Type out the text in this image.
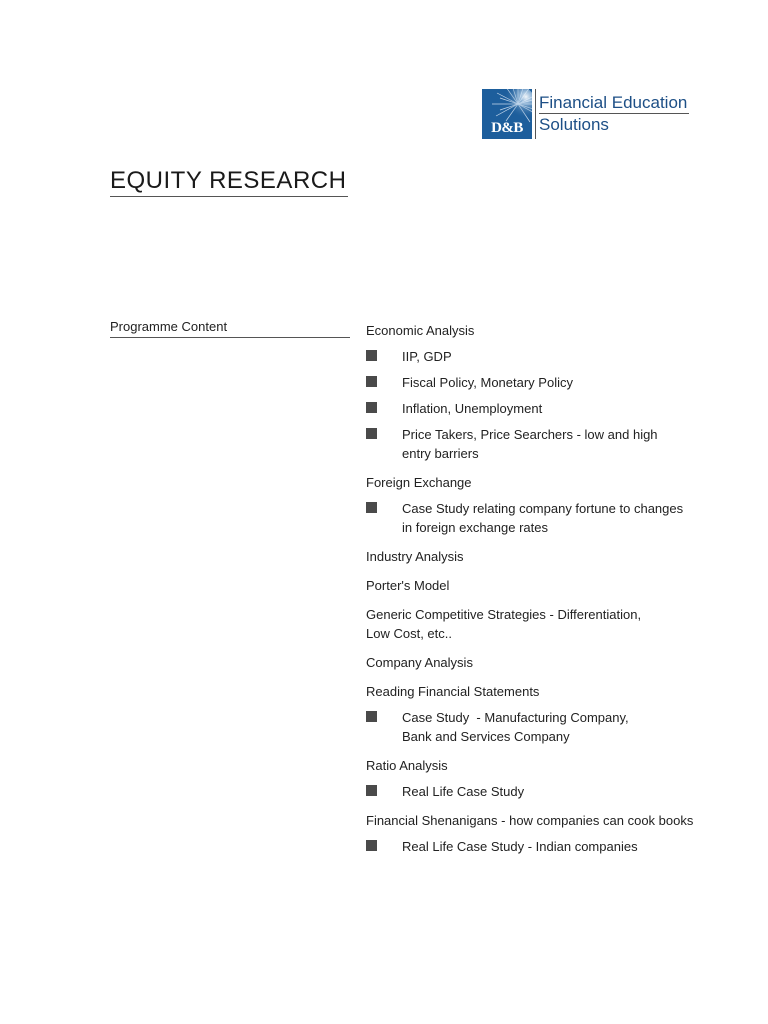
D&B
Financial Education
Solutions
EQUITY RESEARCH
Programme Content	Economic Analysis
IIP, GDP
Fiscal Policy, Monetary Policy
Inflation, Unemployment
Price Takers, Price Searchers - low and high
entry barriers
Foreign Exchange
Case Study relating company fortune to changes
in foreign exchange rates
Industry Analysis
Porter's Model
Generic Competitive Strategies - Differentiation,
Low Cost, etc..
Company Analysis
Reading Financial Statements
Case Study  - Manufacturing Company,
Bank and Services Company
Ratio Analysis
Real Life Case Study
Financial Shenanigans - how companies can cook books
Real Life Case Study - Indian companies
